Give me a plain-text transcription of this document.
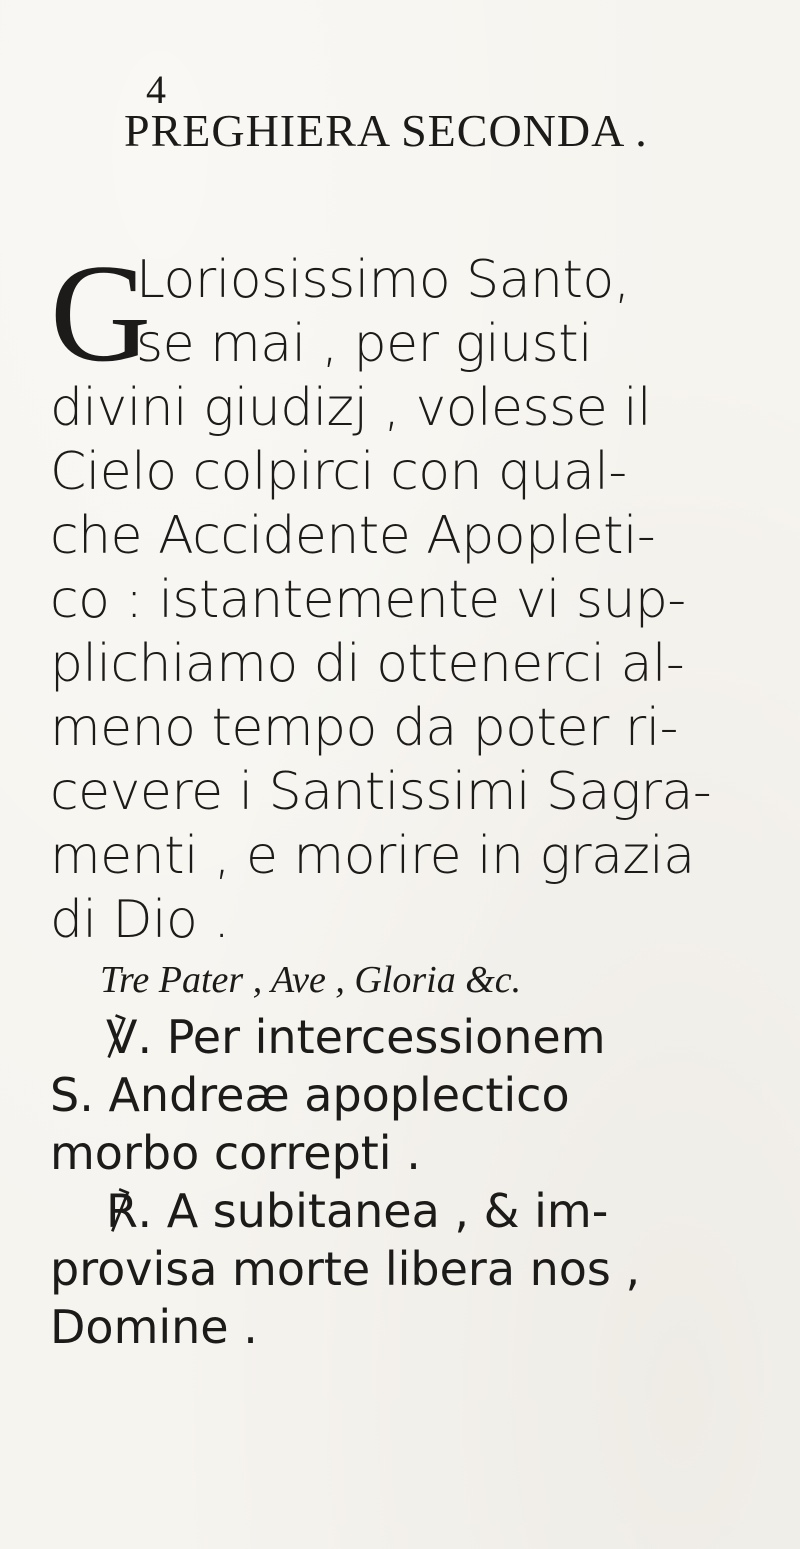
4
PREGHIERA SECONDA .
G
Loriosissimo Santo,
se mai , per giusti
divini giudizj , volesse il
Cielo colpirci con qual-
che Accidente Apopleti-
co : istantemente vi sup-
plichiamo di ottenerci al-
meno tempo da poter ri-
cevere i Santissimi Sagra-
menti , e morire in grazia
di Dio .
Tre Pater , Ave , Gloria &c.
℣. Per intercessionem
S. Andreæ apoplectico
morbo correpti .
℟. A subitanea , & im-
provisa morte libera nos ,
Domine .
